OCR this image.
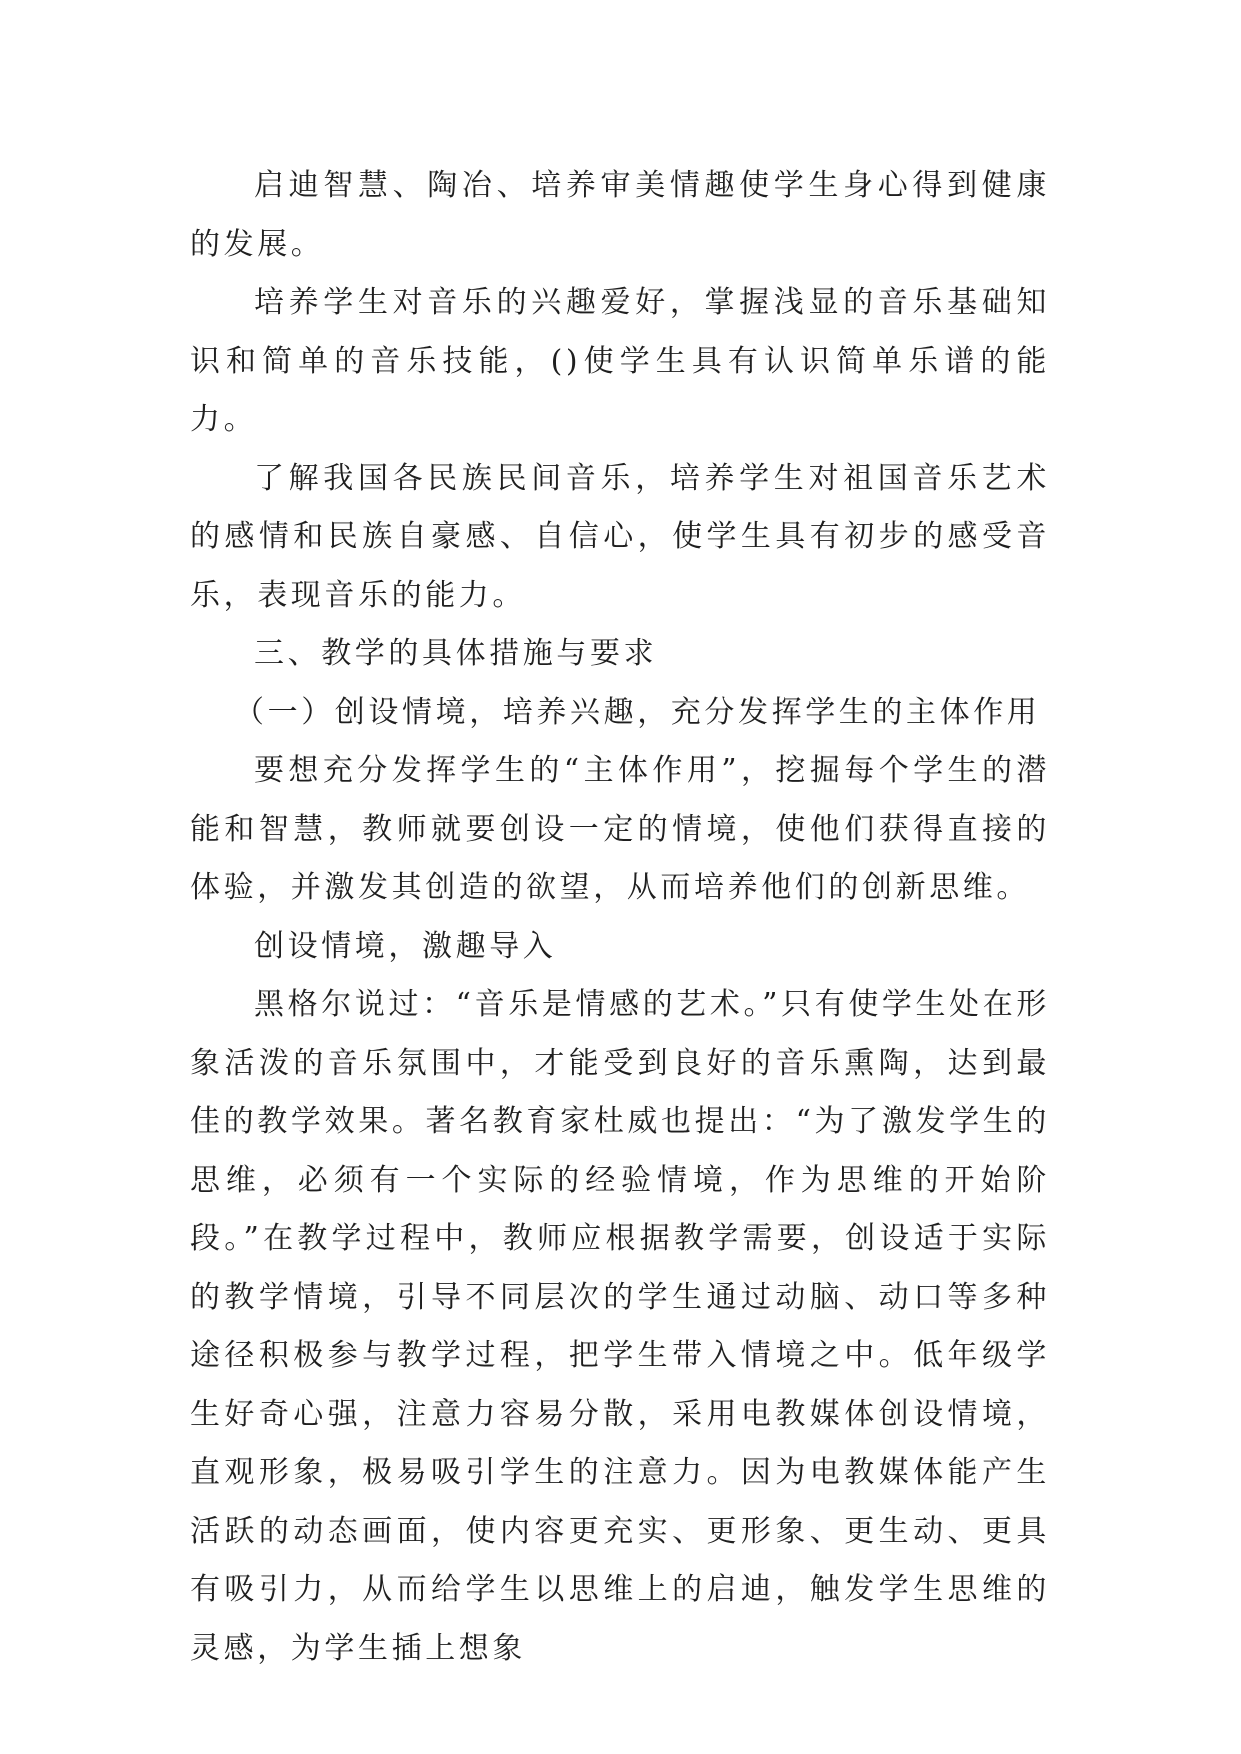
启迪智慧、陶冶、培养审美情趣使学生身心得到健康的发展。

培养学生对音乐的兴趣爱好，掌握浅显的音乐基础知识和简单的音乐技能，()使学生具有认识简单乐谱的能力。

了解我国各民族民间音乐，培养学生对祖国音乐艺术的感情和民族自豪感、自信心，使学生具有初步的感受音乐，表现音乐的能力。

三、教学的具体措施与要求

（一）创设情境，培养兴趣，充分发挥学生的主体作用

要想充分发挥学生的“主体作用”，挖掘每个学生的潜能和智慧，教师就要创设一定的情境，使他们获得直接的体验，并激发其创造的欲望，从而培养他们的创新思维。

创设情境，激趣导入

黑格尔说过：“音乐是情感的艺术。”只有使学生处在形象活泼的音乐氛围中，才能受到良好的音乐熏陶，达到最佳的教学效果。著名教育家杜威也提出：“为了激发学生的思维，必须有一个实际的经验情境，作为思维的开始阶段。”在教学过程中，教师应根据教学需要，创设适于实际的教学情境，引导不同层次的学生通过动脑、动口等多种途径积极参与教学过程，把学生带入情境之中。低年级学生好奇心强，注意力容易分散，采用电教媒体创设情境，直观形象，极易吸引学生的注意力。因为电教媒体能产生活跃的动态画面，使内容更充实、更形象、更生动、更具有吸引力，从而给学生以思维上的启迪，触发学生思维的灵感，为学生插上想象
